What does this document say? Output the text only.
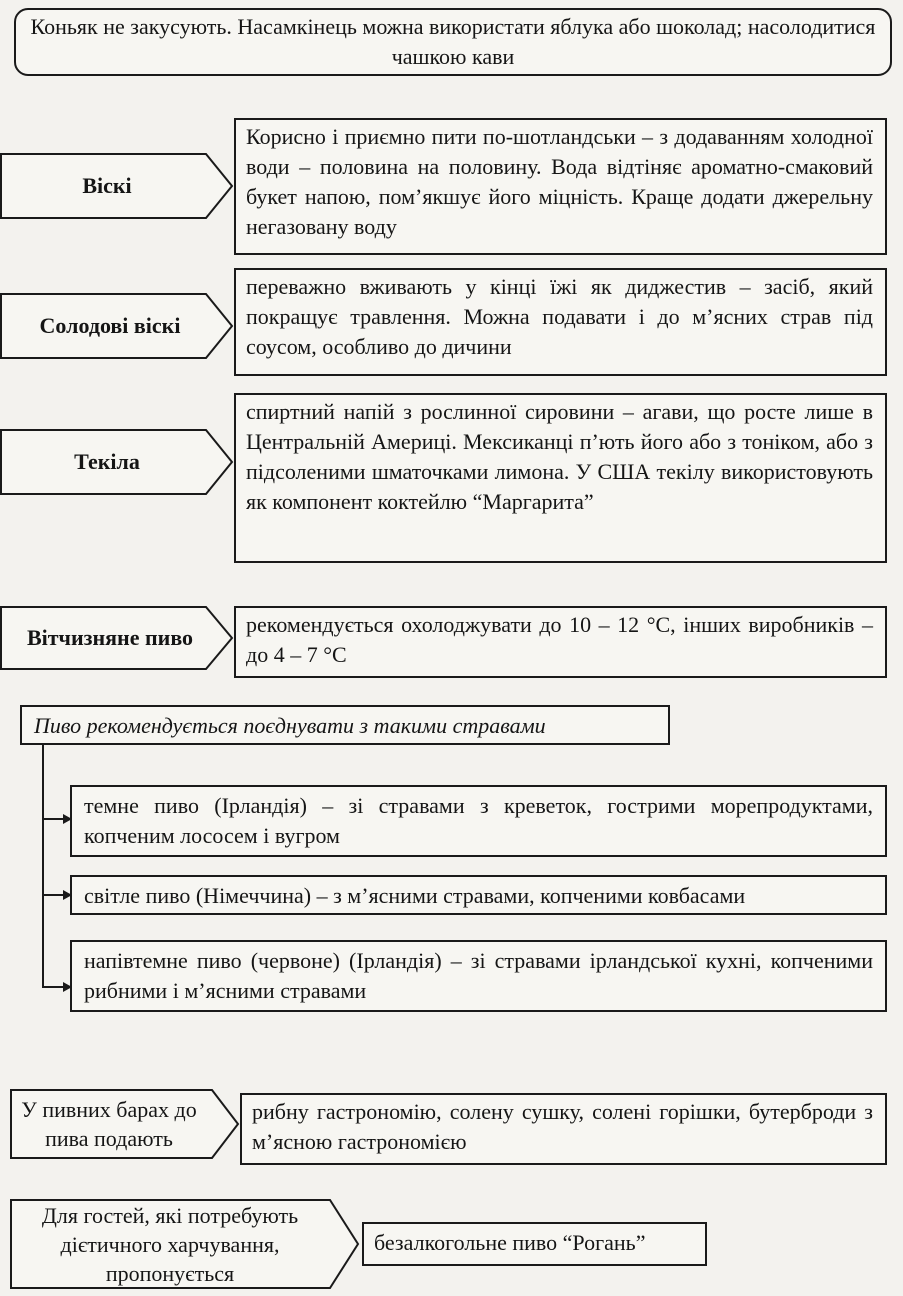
Коньяк не закусують. Насамкінець можна використати яблука або шоколад; насолодитися чашкою кави
Віскі
Корисно і приємно пити по-шотландськи – з додаванням холодної води – половина на половину. Вода відтіняє ароматно-смаковий букет напою, пом’якшує його міцність. Краще додати джерельну негазовану воду
Солодові віскі
переважно вживають у кінці їжі як диджестив – засіб, який покращує травлення. Можна подавати і до м’ясних страв під соусом, особливо до дичини
Текіла
спиртний напій з рослинної сировини – агави, що росте лише в Центральній Америці. Мексиканці п’ють його або з тоніком, або з підсоленими шматочками лимона. У США текілу використовують як компонент коктейлю “Маргарита”
Вітчизняне пиво
рекомендується охолоджувати до 10 – 12 °С, інших виробників – до 4 – 7 °С
Пиво рекомендується поєднувати з такими стравами
темне пиво (Ірландія) – зі стравами з креветок, гострими морепродуктами, копченим лососем і вугром
світле пиво (Німеччина) – з м’ясними стравами, копченими ковбасами
напівтемне пиво (червоне) (Ірландія) – зі стравами ірландської кухні, копченими рибними і м’ясними стравами
У пивних барах до пива подають
рибну гастрономію, солену сушку, солені горішки, бутерброди з м’ясною гастрономією
Для гостей, які потребують дієтичного харчування, пропонується
безалкогольне пиво “Рогань”
